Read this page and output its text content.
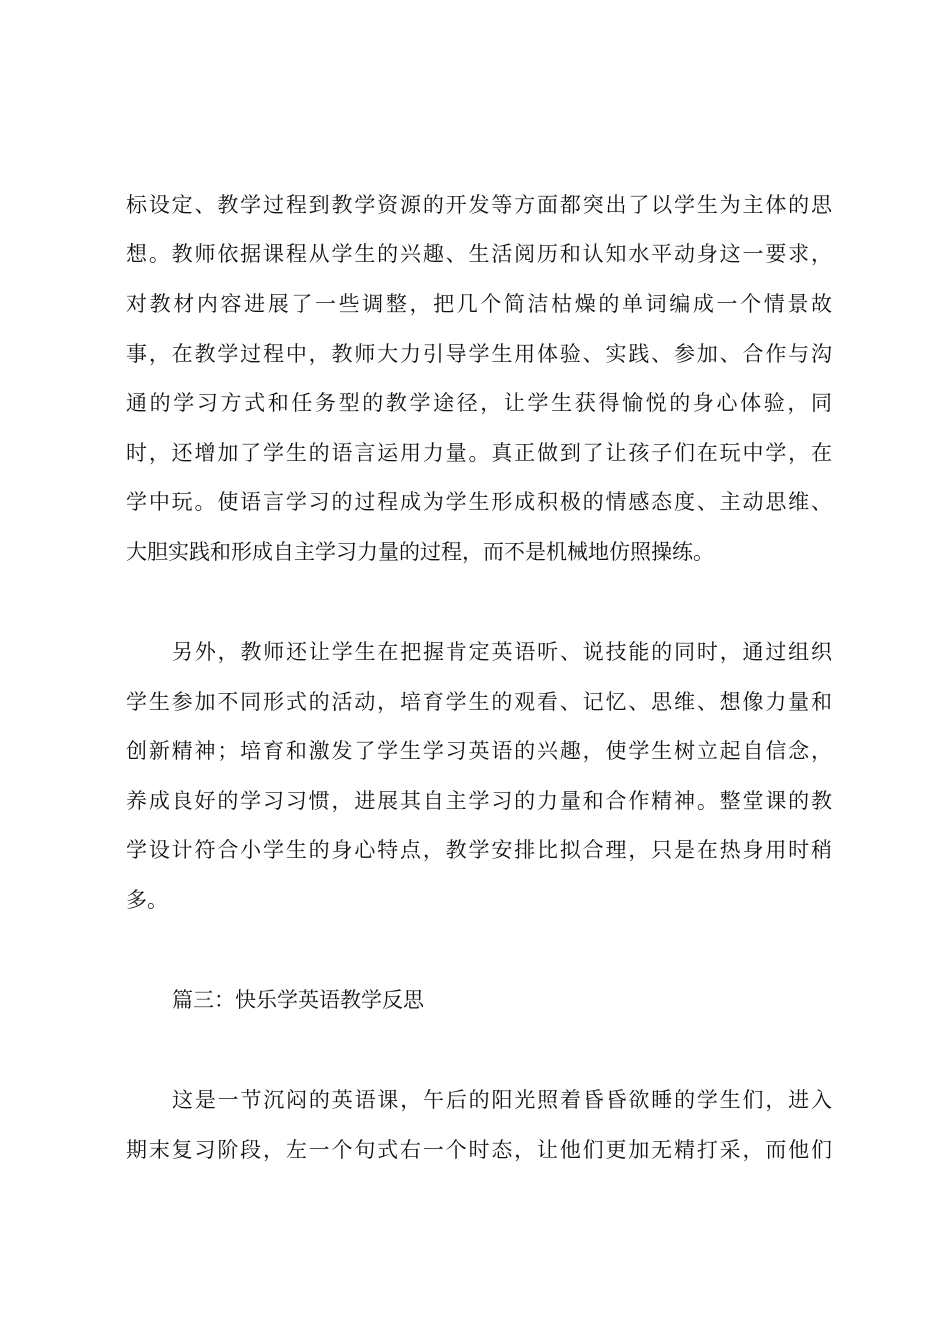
标设定、教学过程到教学资源的开发等方面都突出了以学生为主体的思
想。教师依据课程从学生的兴趣、生活阅历和认知水平动身这一要求，
对教材内容进展了一些调整，把几个简洁枯燥的单词编成一个情景故
事，在教学过程中，教师大力引导学生用体验、实践、参加、合作与沟
通的学习方式和任务型的教学途径，让学生获得愉悦的身心体验，同
时，还增加了学生的语言运用力量。真正做到了让孩子们在玩中学，在
学中玩。使语言学习的过程成为学生形成积极的情感态度、主动思维、
大胆实践和形成自主学习力量的过程，而不是机械地仿照操练。
另外，教师还让学生在把握肯定英语听、说技能的同时，通过组织
学生参加不同形式的活动，培育学生的观看、记忆、思维、想像力量和
创新精神；培育和激发了学生学习英语的兴趣，使学生树立起自信念，
养成良好的学习习惯，进展其自主学习的力量和合作精神。整堂课的教
学设计符合小学生的身心特点，教学安排比拟合理，只是在热身用时稍
多。
篇三：快乐学英语教学反思
这是一节沉闷的英语课，午后的阳光照着昏昏欲睡的学生们，进入
期末复习阶段，左一个句式右一个时态，让他们更加无精打采，而他们
